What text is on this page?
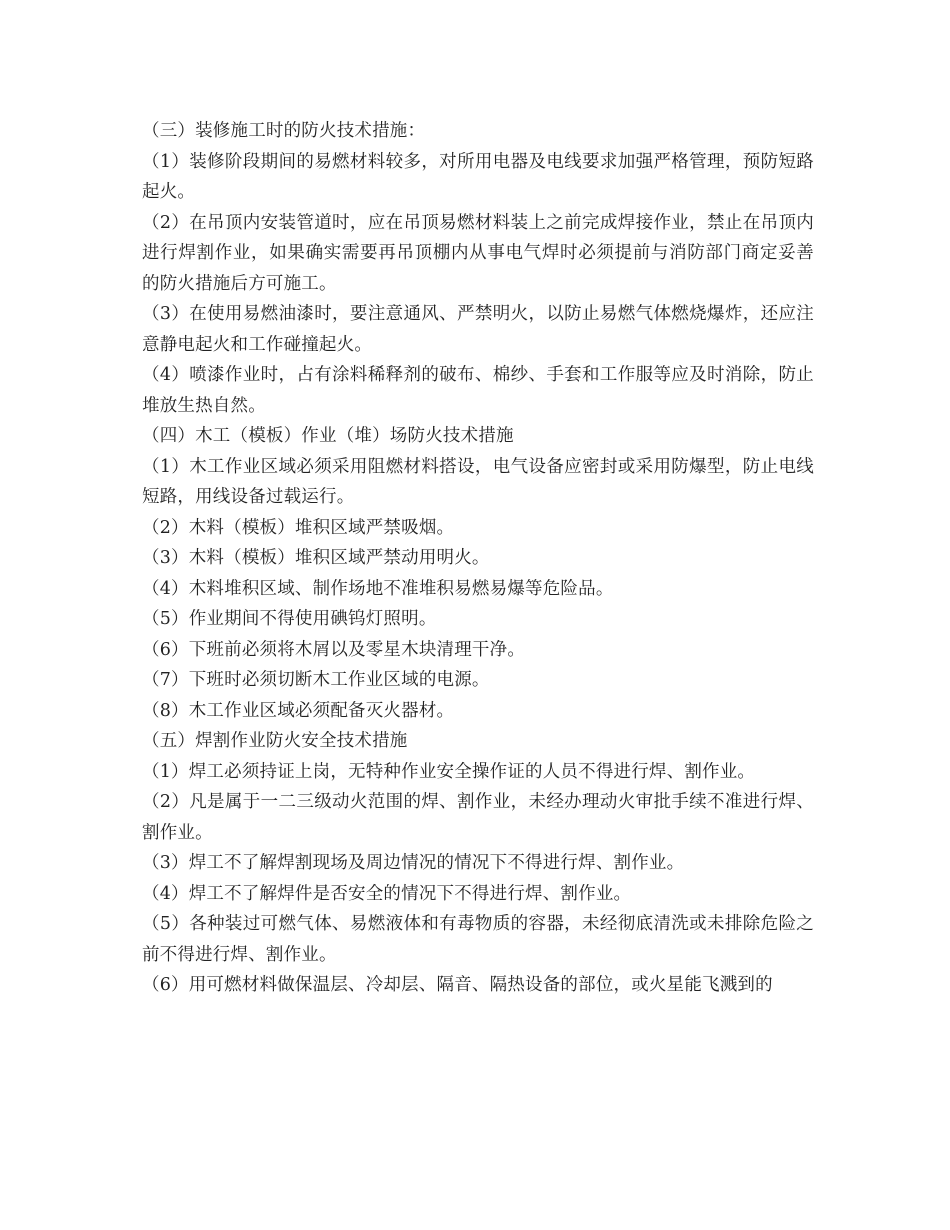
（三）装修施工时的防火技术措施：

（1）装修阶段期间的易燃材料较多，对所用电器及电线要求加强严格管理，预防短路起火。

（2）在吊顶内安装管道时，应在吊顶易燃材料装上之前完成焊接作业，禁止在吊顶内进行焊割作业，如果确实需要再吊顶棚内从事电气焊时必须提前与消防部门商定妥善的防火措施后方可施工。

（3）在使用易燃油漆时，要注意通风、严禁明火，以防止易燃气体燃烧爆炸，还应注意静电起火和工作碰撞起火。

（4）喷漆作业时，占有涂料稀释剂的破布、棉纱、手套和工作服等应及时消除，防止堆放生热自然。

（四）木工（模板）作业（堆）场防火技术措施

（1）木工作业区域必须采用阻燃材料搭设，电气设备应密封或采用防爆型，防止电线短路，用线设备过载运行。

（2）木料（模板）堆积区域严禁吸烟。

（3）木料（模板）堆积区域严禁动用明火。

（4）木料堆积区域、制作场地不准堆积易燃易爆等危险品。

（5）作业期间不得使用碘钨灯照明。

（6）下班前必须将木屑以及零星木块清理干净。

（7）下班时必须切断木工作业区域的电源。

（8）木工作业区域必须配备灭火器材。

（五）焊割作业防火安全技术措施

（1）焊工必须持证上岗，无特种作业安全操作证的人员不得进行焊、割作业。

（2）凡是属于一二三级动火范围的焊、割作业，未经办理动火审批手续不准进行焊、割作业。

（3）焊工不了解焊割现场及周边情况的情况下不得进行焊、割作业。

（4）焊工不了解焊件是否安全的情况下不得进行焊、割作业。

（5）各种装过可燃气体、易燃液体和有毒物质的容器，未经彻底清洗或未排除危险之前不得进行焊、割作业。

（6）用可燃材料做保温层、冷却层、隔音、隔热设备的部位，或火星能飞溅到的
